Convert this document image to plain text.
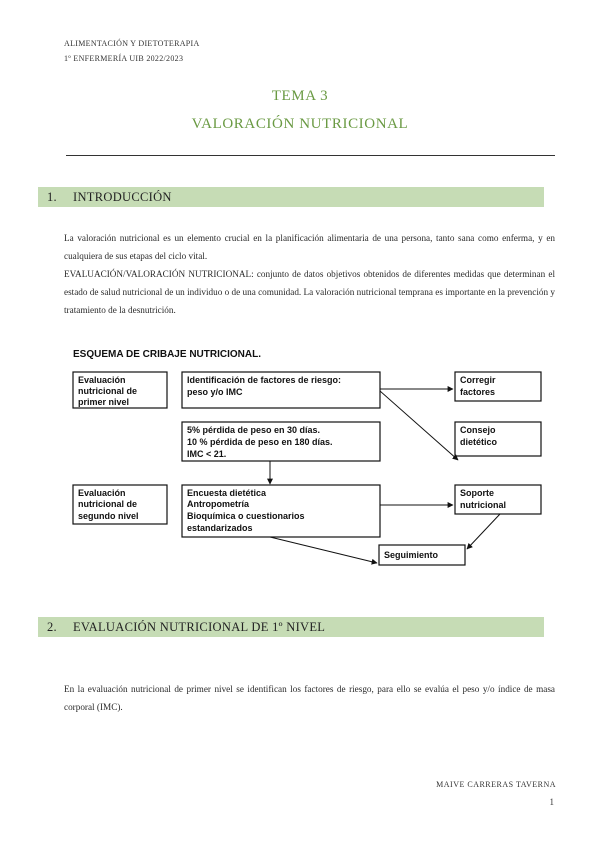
ALIMENTACIÓN Y DIETOTERAPIA
1º ENFERMERÍA UIB 2022/2023
TEMA 3
VALORACIÓN NUTRICIONAL
1. INTRODUCCIÓN

La valoración nutricional es un elemento crucial en la planificación alimentaria de una persona, tanto sana como enferma, y en cualquiera de sus etapas del ciclo vital.

EVALUACIÓN/VALORACIÓN NUTRICIONAL: conjunto de datos objetivos obtenidos de diferentes medidas que determinan el estado de salud nutricional de un individuo o de una comunidad. La valoración nutricional temprana es importante en la prevención y tratamiento de la desnutrición.

ESQUEMA DE CRIBAJE NUTRICIONAL.
Evaluación nutricional de primer nivel
Identificación de factores de riesgo: peso y/o IMC
5% pérdida de peso en 30 días. 10 % pérdida de peso en 180 días. IMC < 21.
Evaluación nutricional de segundo nivel
Encuesta dietética Antropometría Bioquímica o cuestionarios estandarizados
Corregir factores
Consejo dietético
Soporte nutricional
Seguimiento
2. EVALUACIÓN NUTRICIONAL DE 1º NIVEL

En la evaluación nutricional de primer nivel se identifican los factores de riesgo, para ello se evalúa el peso y/o índice de masa corporal (IMC).

MAIVE CARRERAS TAVERNA
1
